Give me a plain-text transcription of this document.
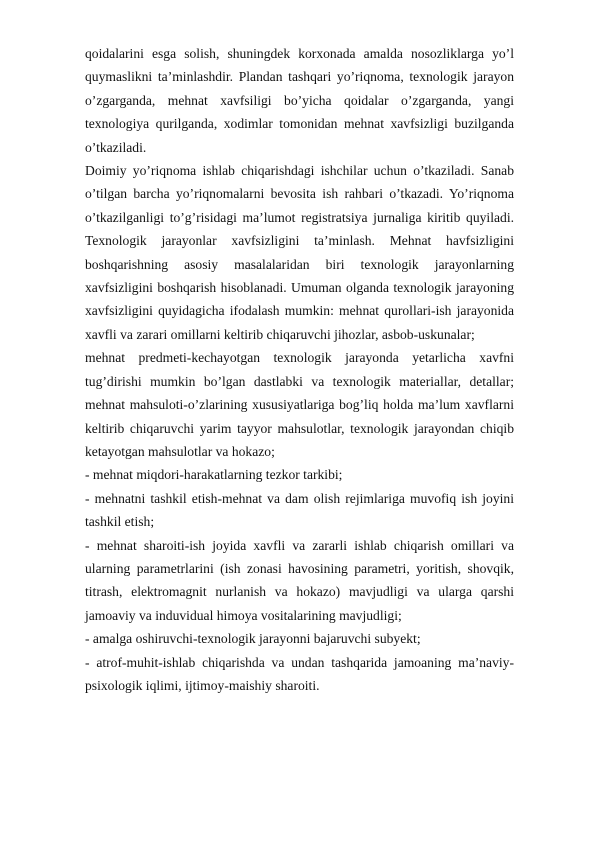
qoidalarini esga solish, shuningdek korxonada amalda nosozliklarga yo’l quymaslikni ta’minlashdir. Plandan tashqari yo’riqnoma, texnologik jarayon o’zgarganda, mehnat xavfsiligi bo’yicha qoidalar o’zgarganda, yangi texnologiya qurilganda, xodimlar tomonidan mehnat xavfsizligi buzilganda o’tkaziladi.

Doimiy yo’riqnoma ishlab chiqarishdagi ishchilar uchun o’tkaziladi. Sanab o’tilgan barcha yo’riqnomalarni bevosita ish rahbari o’tkazadi. Yo’riqnoma o’tkazilganligi to’g’risidagi ma’lumot registratsiya jurnaliga kiritib quyiladi. Texnologik jarayonlar xavfsizligini ta’minlash. Mehnat havfsizligini boshqarishning asosiy masalalaridan biri texnologik jarayonlarning xavfsizligini boshqarish hisoblanadi. Umuman olganda texnologik jarayoning xavfsizligini quyidagicha ifodalash mumkin: mehnat qurollari-ish jarayonida xavfli va zarari omillarni keltirib chiqaruvchi jihozlar, asbob-uskunalar;

mehnat predmeti-kechayotgan texnologik jarayonda yetarlicha xavfni tug’dirishi mumkin bo’lgan dastlabki va texnologik materiallar, detallar; mehnat mahsuloti-o’zlarining xususiyatlariga bog’liq holda ma’lum xavflarni keltirib chiqaruvchi yarim tayyor mahsulotlar, texnologik jarayondan chiqib ketayotgan mahsulotlar va hokazo;

- mehnat miqdori-harakatlarning tezkor tarkibi;

- mehnatni tashkil etish-mehnat va dam olish rejimlariga muvofiq ish joyini tashkil etish;

- mehnat sharoiti-ish joyida xavfli va zararli ishlab chiqarish omillari va ularning parametrlarini (ish zonasi havosining parametri, yoritish, shovqik, titrash, elektromagnit nurlanish va hokazo) mavjudligi va ularga qarshi jamoaviy va induvidual himoya vositalarining mavjudligi;

- amalga oshiruvchi-texnologik jarayonni bajaruvchi subyekt;

- atrof-muhit-ishlab chiqarishda va undan tashqarida jamoaning ma’naviy-psixologik iqlimi, ijtimoy-maishiy sharoiti.
